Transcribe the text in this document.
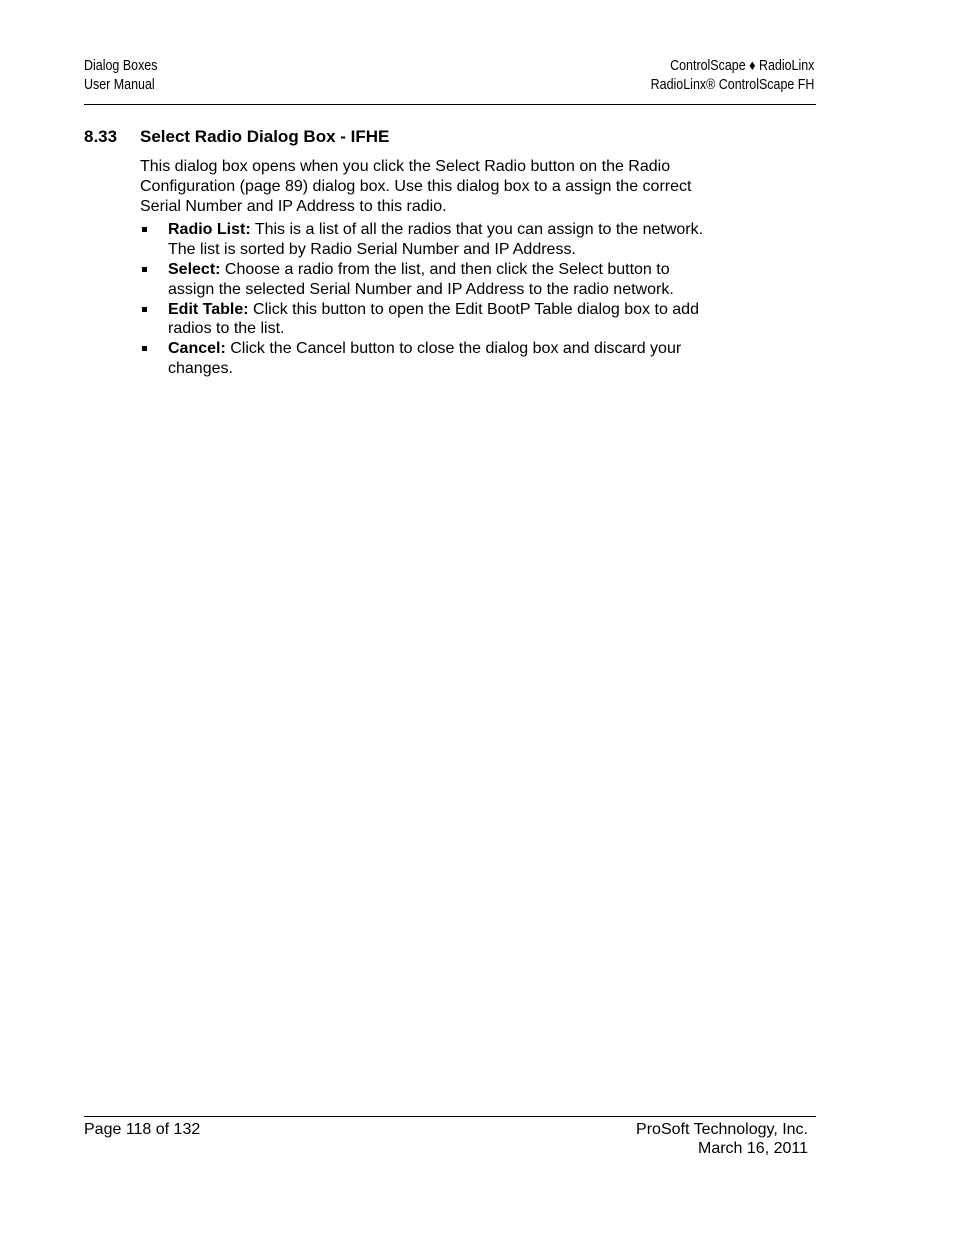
Dialog Boxes
User Manual
ControlScape ♦ RadioLinx
RadioLinx® ControlScape FH
8.33 Select Radio Dialog Box - IFHE

This dialog box opens when you click the Select Radio button on the Radio

Configuration (page 89) dialog box. Use this dialog box to a assign the correct

Serial Number and IP Address to this radio.

Radio List: This is a list of all the radios that you can assign to the network.
The list is sorted by Radio Serial Number and IP Address.
Select: Choose a radio from the list, and then click the Select button to
assign the selected Serial Number and IP Address to the radio network.
Edit Table: Click this button to open the Edit BootP Table dialog box to add
radios to the list.
Cancel: Click the Cancel button to close the dialog box and discard your
changes.
Page 118 of 132	ProSoft Technology, Inc.
March 16, 2011
